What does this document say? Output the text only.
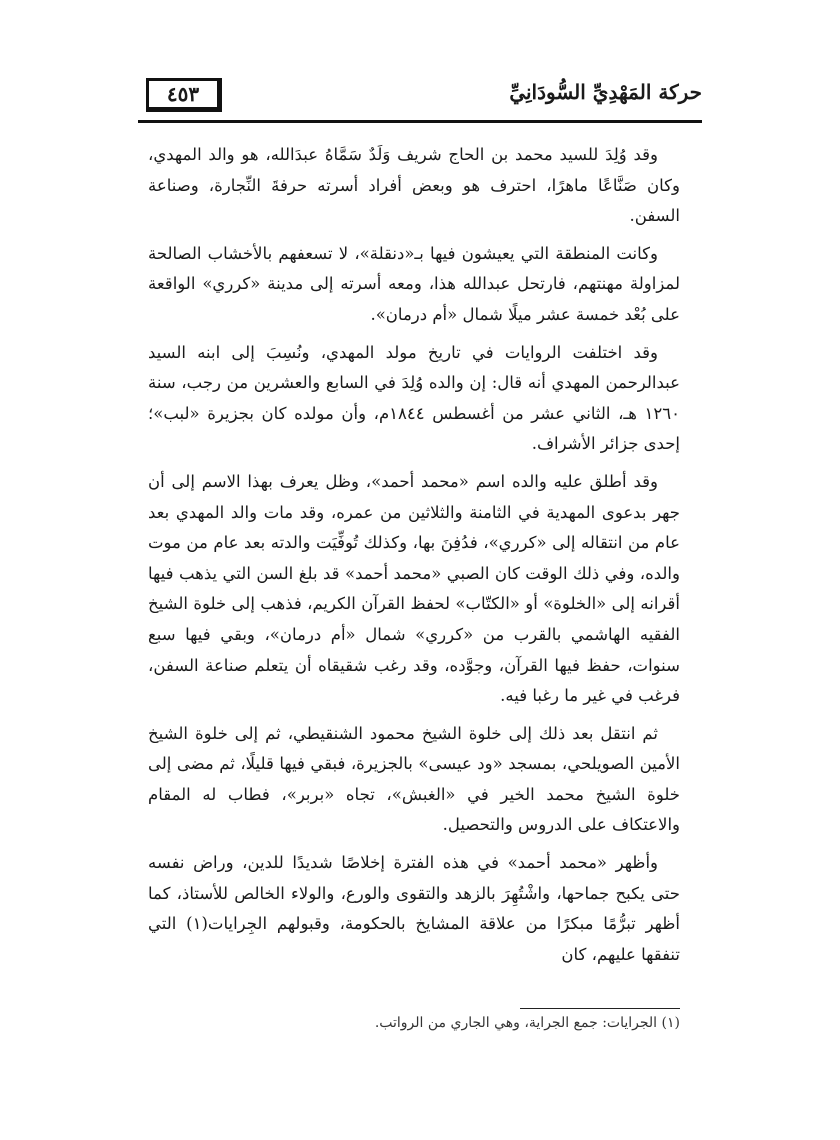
٤٥٣	حركة المَهْدِيِّ السُّودَانِيِّ

وقد وُلِدَ للسيد محمد بن الحاج شريف وَلَدٌ سَمَّاهُ عبدَالله، هو والد المهدي، وكان صَنَّاعًا ماهرًا، احترف هو وبعض أفراد أسرته حرفةَ النِّجارة، وصناعة السفن.

وكانت المنطقة التي يعيشون فيها بـ«دنقلة»، لا تسعفهم بالأخشاب الصالحة لمزاولة مهنتهم، فارتحل عبدالله هذا، ومعه أسرته إلى مدينة «كرري» الواقعة على بُعْد خمسة عشر ميلًا شمال «أم درمان».

وقد اختلفت الروايات في تاريخ مولد المهدي، ونُسِبَ إلى ابنه السيد عبدالرحمن المهدي أنه قال: إن والده وُلِدَ في السابع والعشرين من رجب، سنة ١٢٦٠ هـ، الثاني عشر من أغسطس ١٨٤٤م، وأن مولده كان بجزيرة «لبب»؛ إحدى جزائر الأشراف.

وقد أطلق عليه والده اسم «محمد أحمد»، وظل يعرف بهذا الاسم إلى أن جهر بدعوى المهدية في الثامنة والثلاثين من عمره، وقد مات والد المهدي بعد عام من انتقاله إلى «كرري»، فدُفِنَ بها، وكذلك تُوفِّيَت والدته بعد عام من موت والده، وفي ذلك الوقت كان الصبي «محمد أحمد» قد بلغ السن التي يذهب فيها أقرانه إلى «الخلوة» أو «الكتّاب» لحفظ القرآن الكريم، فذهب إلى خلوة الشيخ الفقيه الهاشمي بالقرب من «كرري» شمال «أم درمان»، وبقي فيها سبع سنوات، حفظ فيها القرآن، وجوَّده، وقد رغب شقيقاه أن يتعلم صناعة السفن، فرغب في غير ما رغبا فيه.

ثم انتقل بعد ذلك إلى خلوة الشيخ محمود الشنقيطي، ثم إلى خلوة الشيخ الأمين الصويلحي، بمسجد «ود عيسى» بالجزيرة، فبقي فيها قليلًا، ثم مضى إلى خلوة الشيخ محمد الخير في «الغبش»، تجاه «بربر»، فطاب له المقام والاعتكاف على الدروس والتحصيل.

وأظهر «محمد أحمد» في هذه الفترة إخلاصًا شديدًا للدين، وراض نفسه حتى يكبح جماحها، واشْتُهِرَ بالزهد والتقوى والورع، والولاء الخالص للأستاذ، كما أظهر تبرُّمًا مبكرًا من علاقة المشايخ بالحكومة، وقبولهم الجِرايات(١) التي تنفقها عليهم، كان

(١) الجرايات: جمع الجراية، وهي الجاري من الرواتب.
